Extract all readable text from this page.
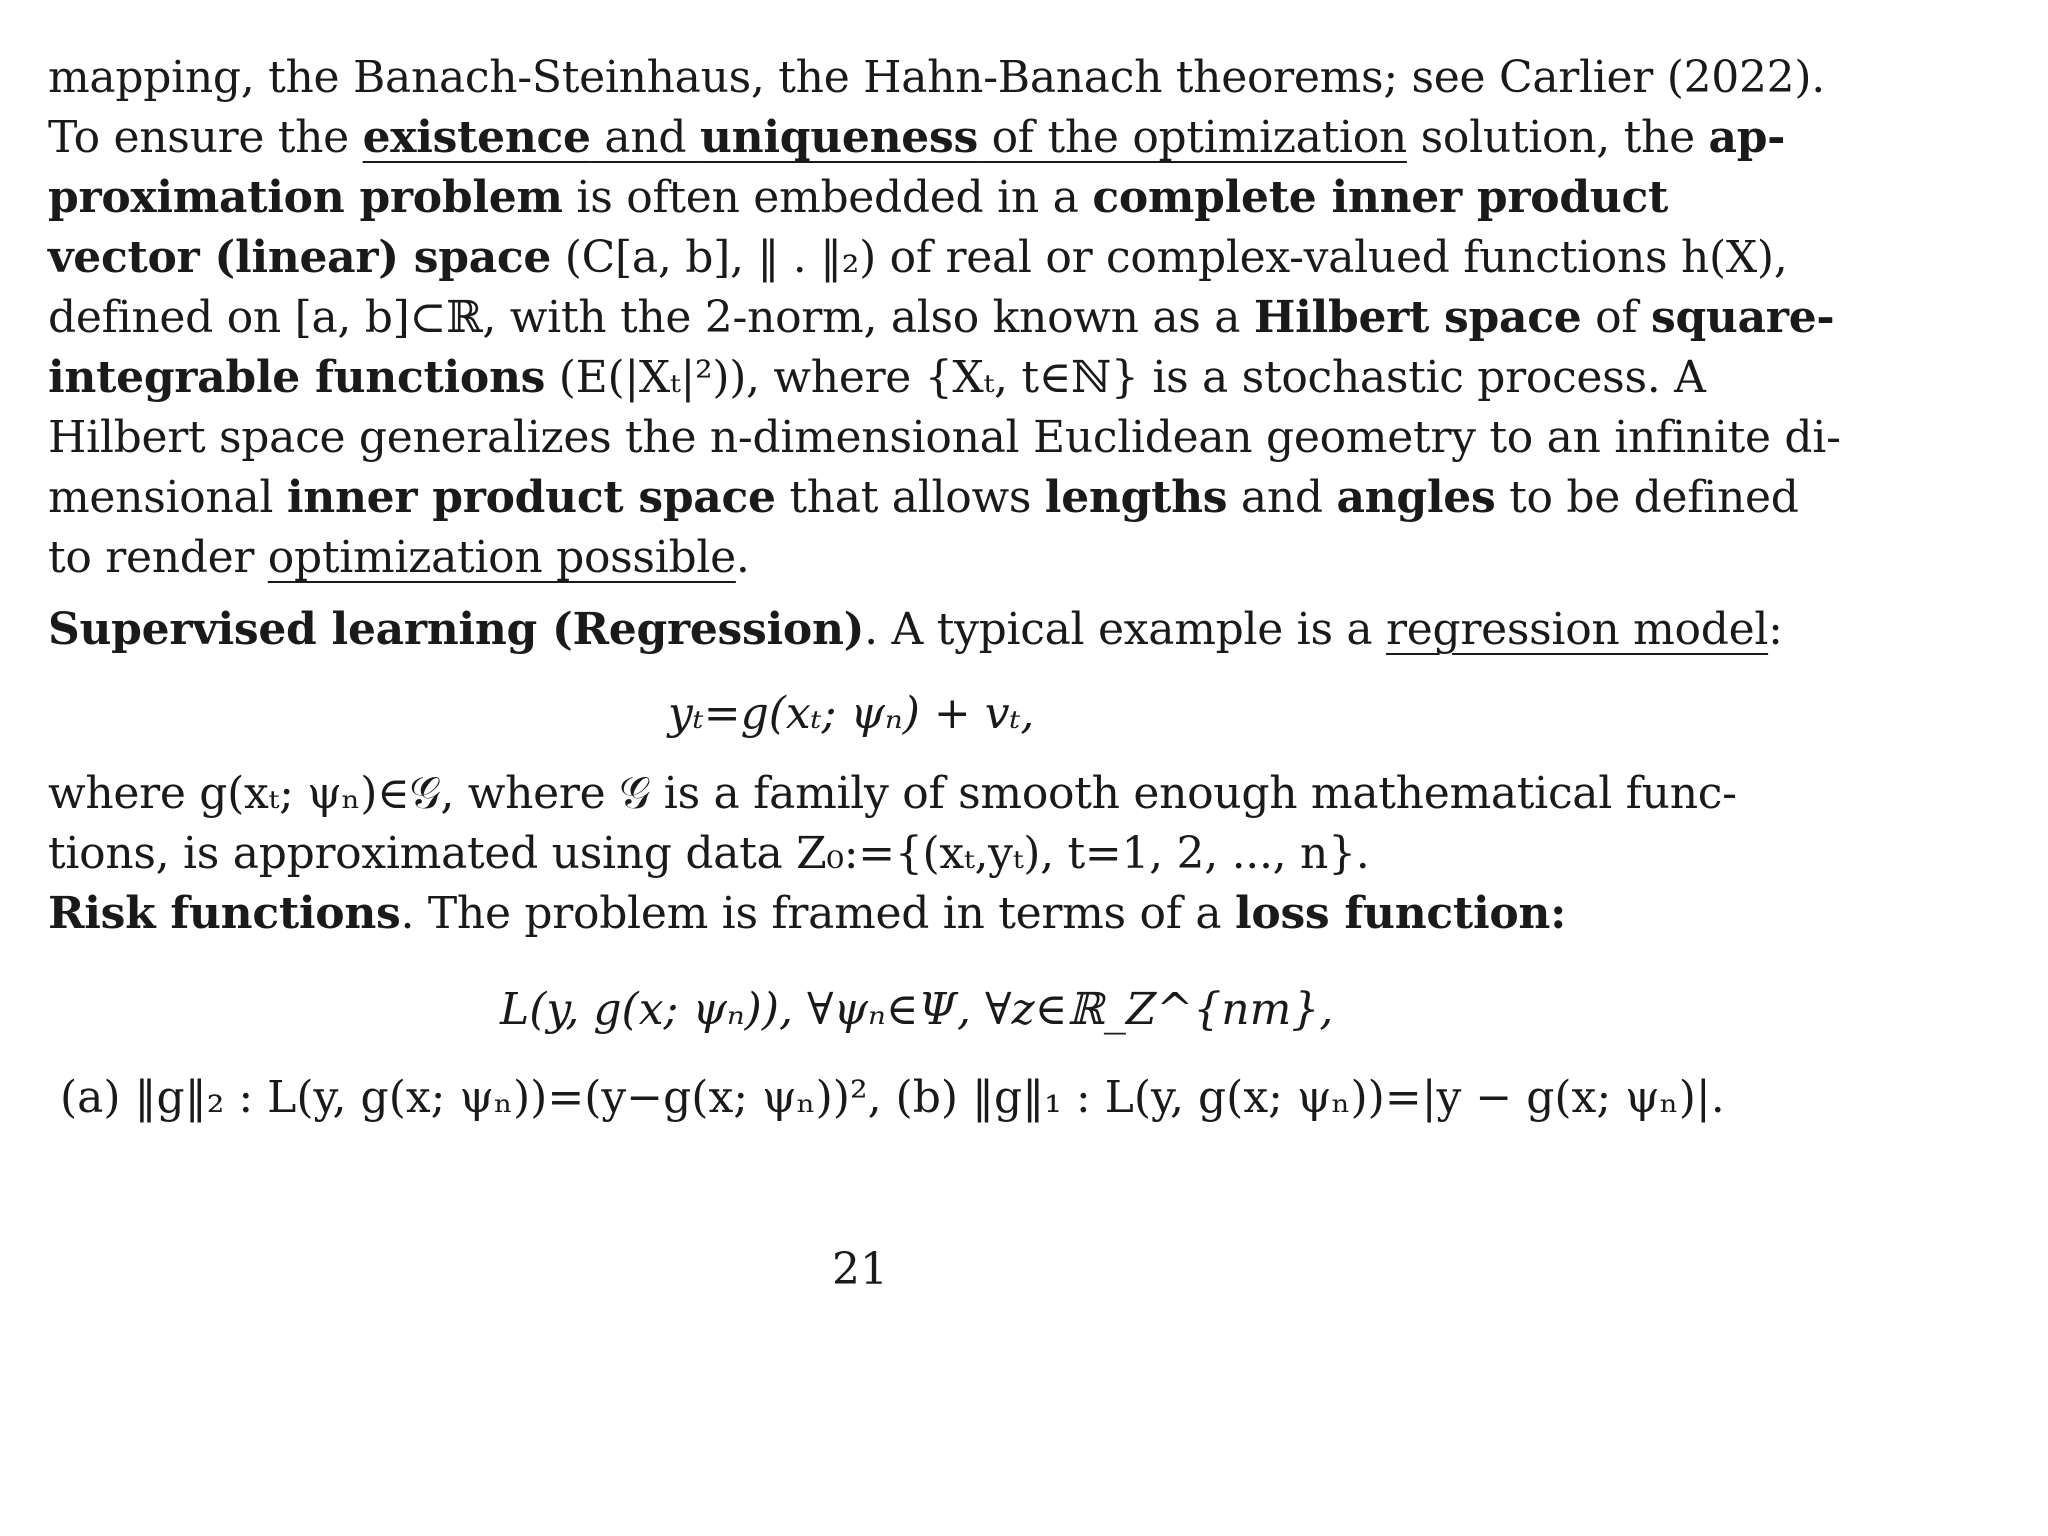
mapping, the Banach-Steinhaus, the Hahn-Banach theorems; see Carlier (2022).
To ensure the existence and uniqueness of the optimization solution, the ap-
proximation problem is often embedded in a complete inner product
vector (linear) space (C[a, b], ‖ . ‖₂) of real or complex-valued functions h(X),
defined on [a, b]⊂ℝ, with the 2-norm, also known as a Hilbert space of square-
integrable functions (E(|Xₜ|²)), where {Xₜ, t∈ℕ} is a stochastic process. A
Hilbert space generalizes the n-dimensional Euclidean geometry to an infinite di-
mensional inner product space that allows lengths and angles to be defined
to render optimization possible.
Supervised learning (Regression). A typical example is a regression model:
yₜ=g(xₜ; ψₙ) + vₜ,
where g(xₜ; ψₙ)∈𝒢, where 𝒢 is a family of smooth enough mathematical func-
tions, is approximated using data Z₀:={(xₜ,yₜ), t=1, 2, ..., n}.
Risk functions. The problem is framed in terms of a loss function:
L(y, g(x; ψₙ)), ∀ψₙ∈Ψ, ∀z∈ℝ_Z^{nm},
(a) ‖g‖₂ : L(y, g(x; ψₙ))=(y−g(x; ψₙ))², (b) ‖g‖₁ : L(y, g(x; ψₙ))=|y − g(x; ψₙ)|.
21
